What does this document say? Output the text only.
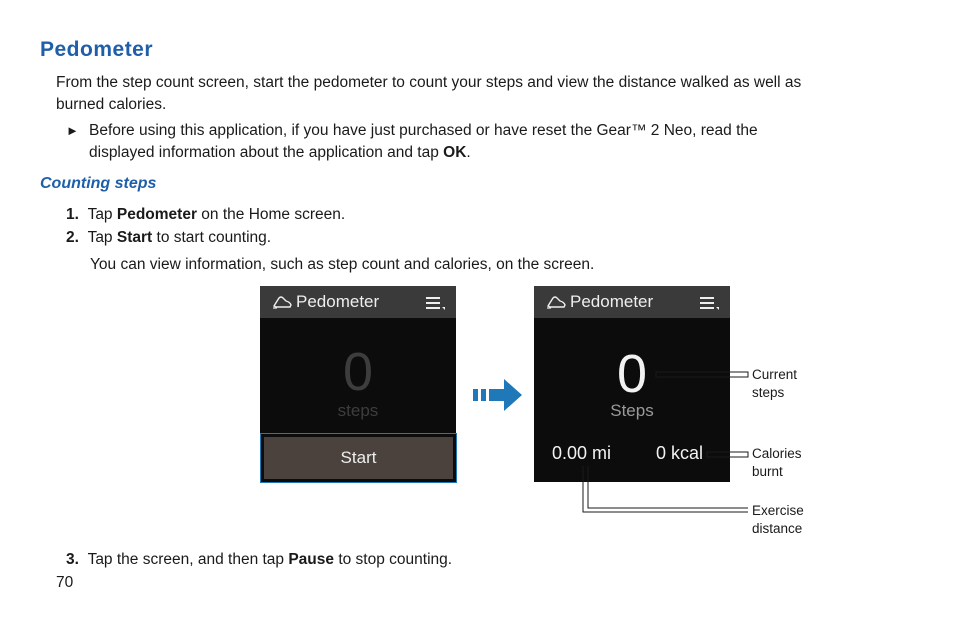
Pedometer
From the step count screen, start the pedometer to count your steps and view the distance walked as well as
burned calories.
► Before using this application, if you have just purchased or have reset the Gear™ 2 Neo, read the
displayed information about the application and tap OK.
Counting steps
1. Tap Pedometer on the Home screen.
2. Tap Start to start counting.
You can view information, such as step count and calories, on the screen.
Pedometer
0
steps
Start
Pedometer
0
Steps
0.00 mi 0 kcal
Current
steps
Calories
burnt
Exercise
distance
3. Tap the screen, and then tap Pause to stop counting.
70
